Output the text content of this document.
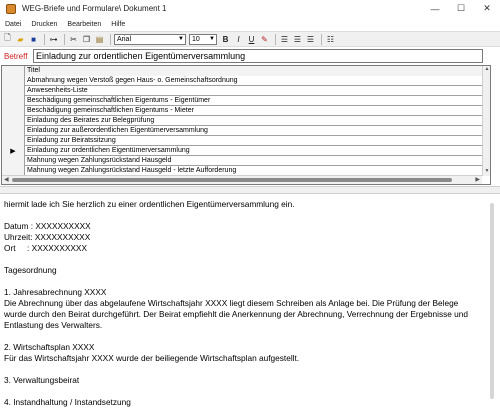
WEG-Briefe und Formulare\ Dokument 1	— ☐ ✕
Datei	Drucken	Bearbeiten	Hilfe
🗋 ▰ ■ ⊶ ✂ ❐ ▤ Arial	▼ 10 ▼ B	I	U ✎ ☰ ☰ ☰ ☷
Betreff Einladung zur ordentlichen Eigentümerversammlung
Titel
Abmahnung wegen Verstoß gegen Haus- o. Gemeinschaftsordnung
Anwesenheits-Liste
Beschädigung gemeinschaftlichen Eigentums - Eigentümer
Beschädigung gemeinschaftlichen Eigentums - Mieter
Einladung des Beirates zur Belegprüfung
Einladung zur außerordentlichen Eigentümerversammlung
Einladung zur Beiratssitzung
▶	Einladung zur ordentlichen Eigentümerversammlung
Mahnung wegen Zahlungsrückstand Hausgeld
Mahnung wegen Zahlungsrückstand Hausgeld - letzte Aufforderung
▲
▼
◀	▶
hiermit lade ich Sie herzlich zu einer ordentlichen Eigentümerversammlung ein.

Datum : XXXXXXXXXX
Uhrzeit: XXXXXXXXXX
Ort     : XXXXXXXXXX

Tagesordnung

1. Jahresabrechnung XXXX
Die Abrechnung über das abgelaufene Wirtschaftsjahr XXXX liegt diesem Schreiben als Anlage bei. Die Prüfung der Belege wurde durch den Beirat durchgeführt. Der Beirat empfiehlt die Anerkennung der Abrechnung, Verrechnung der Ergebnisse und Entlastung des Verwalters.

2. Wirtschaftsplan XXXX
Für das Wirtschaftsjahr XXXX wurde der beiliegende Wirtschaftsplan aufgestellt.

3. Verwaltungsbeirat

4. Instandhaltung / Instandsetzung
